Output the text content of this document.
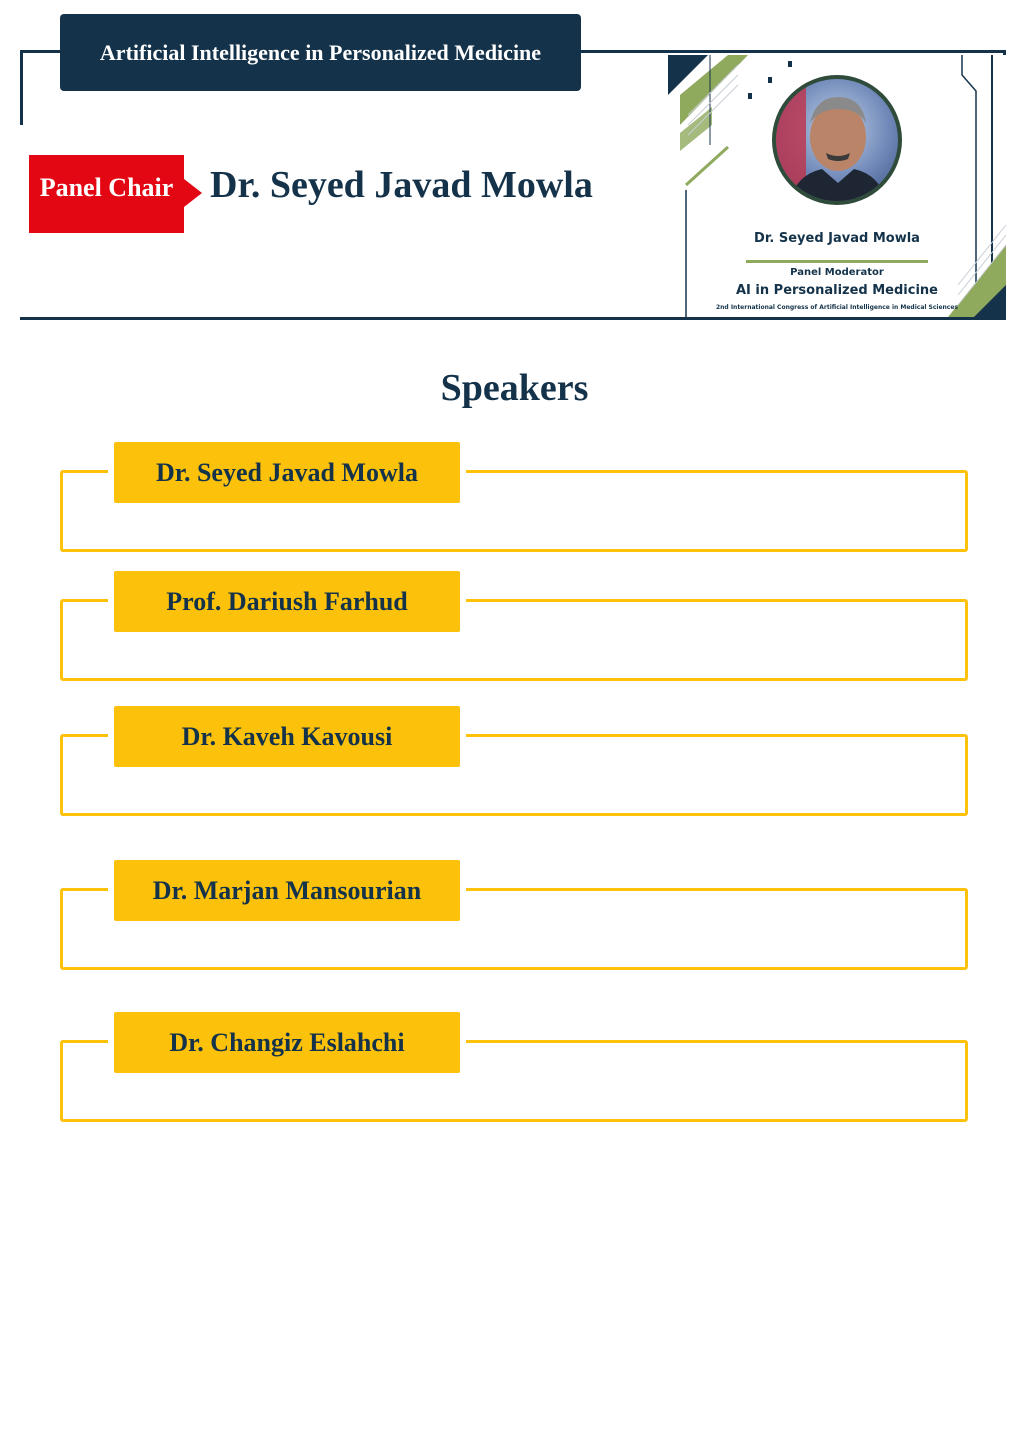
Artificial Intelligence in Personalized Medicine
Panel Chair Dr. Seyed Javad Mowla
Dr. Seyed Javad Mowla
Panel Moderator
AI in Personalized Medicine
2nd International Congress of Artificial Intelligence in Medical Sciences
Speakers
Dr. Seyed Javad Mowla
Prof. Dariush Farhud
Dr. Kaveh Kavousi
Dr. Marjan Mansourian
Dr. Changiz Eslahchi
